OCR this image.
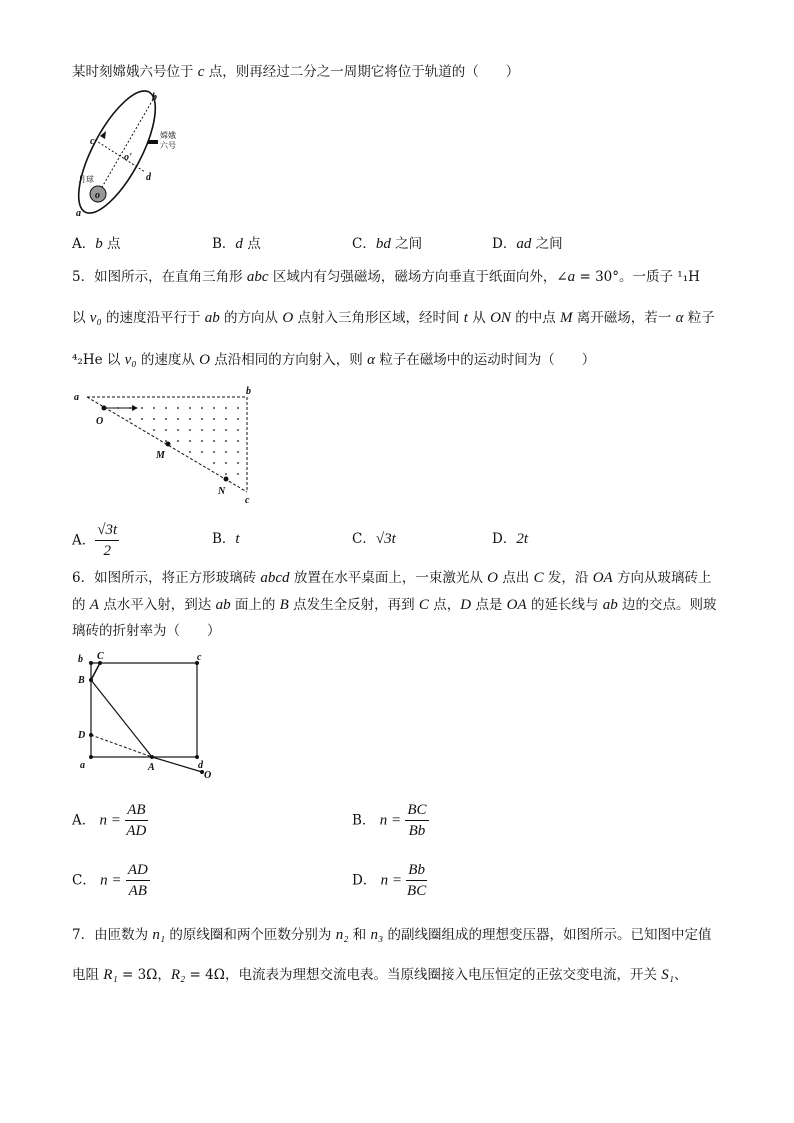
某时刻嫦娥六号位于 c 点，则再经过二分之一周期它将位于轨道的（　　）
b
c
d
a
o
o'
月球
嫦娥
六号
A．b 点	B．d 点	C．bd 之间	D．ad 之间
5．如图所示，在直角三角形 abc 区域内有匀强磁场，磁场方向垂直于纸面向外，∠a = 30°。一质子 ¹₁H
以 v₀ 的速度沿平行于 ab 的方向从 O 点射入三角形区域，经时间 t 从 ON 的中点 M 离开磁场，若一 α 粒子
⁴₂He 以 v₀ 的速度从 O 点沿相同的方向射入，则 α 粒子在磁场中的运动时间为（　　）
a
b
c
O
M
N
A． $\frac{√3t}{2}$	B．t	C．√3t	D．2t
6．如图所示，将正方形玻璃砖 abcd 放置在水平桌面上，一束激光从 O 点出 C 发，沿 OA 方向从玻璃砖上
的 A 点水平入射，到达 ab 面上的 B 点发生全反射，再到 C 点，D 点是 OA 的延长线与 ab 边的交点。则玻
璃砖的折射率为（　　）
b C	c
B
D
a	A	d
O
A． $n = \frac{AB}{AD}$	B． $n = \frac{BC}{Bb}$
C． $n = \frac{AD}{AB}$	D． $n = \frac{Bb}{BC}$
7．由匝数为 n₁ 的原线圈和两个匝数分别为 n₂ 和 n₃ 的副线圈组成的理想变压器，如图所示。已知图中定值
电阻 R₁ = 3Ω，R₂ = 4Ω，电流表为理想交流电表。当原线圈接入电压恒定的正弦交变电流，开关 S₁、
